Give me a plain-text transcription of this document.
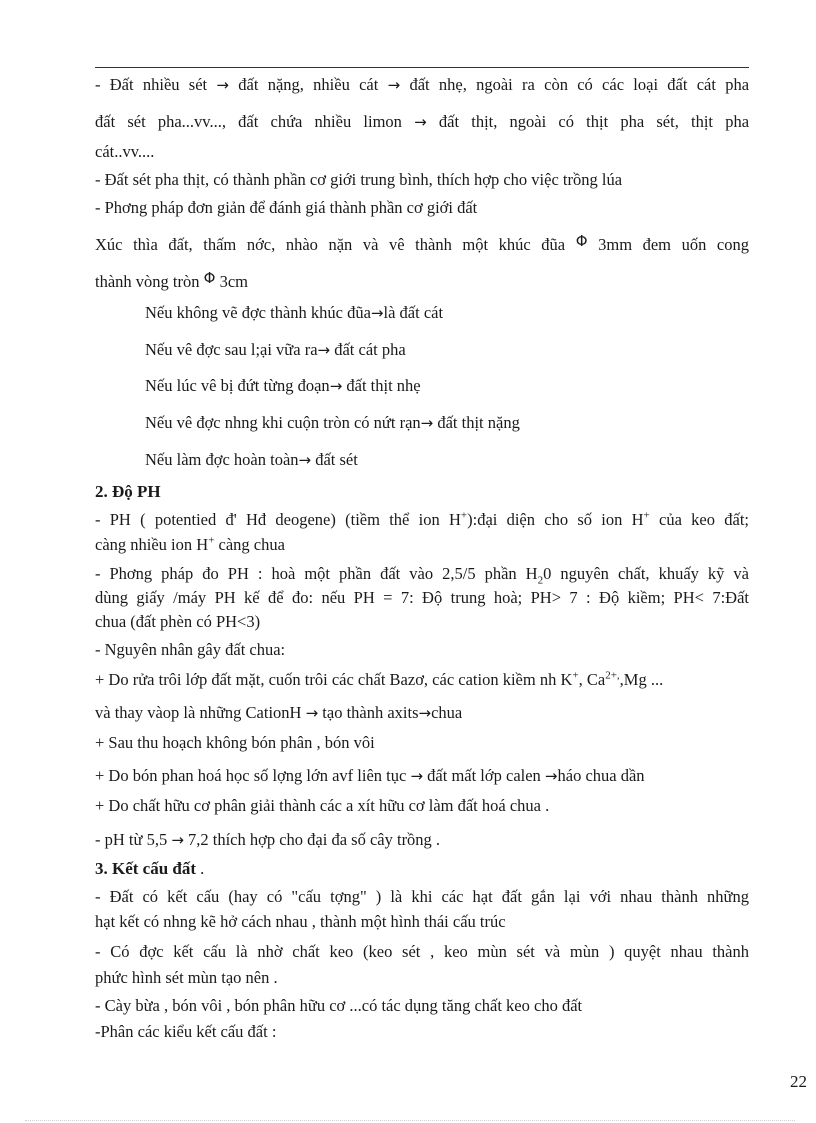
- Đất nhiều sét → đất nặng, nhiều cát → đất nhẹ, ngoài ra còn có các loại đất cát pha
đất sét pha...vv..., đất chứa nhiều limon → đất thịt, ngoài có thịt pha sét, thịt pha
cát..vv....
- Đất sét pha thịt, có thành phần cơ giới trung bình, thích hợp cho việc trồng lúa
- Phơng pháp đơn giản để đánh giá thành phần cơ giới đất
Xúc thìa đất, thấm nớc, nhào nặn và vê thành một khúc đũa Φ 3mm đem uốn cong
thành vòng tròn Φ 3cm
Nếu không vẽ đợc thành khúc đũa→là đất cát
Nếu vê đợc sau l;ại vữa ra→ đất cát pha
Nếu lúc vê bị đứt từng đoạn→ đất thịt nhẹ
Nếu vê đợc nhng khi cuộn tròn có nứt rạn→ đất thịt nặng
Nếu làm đợc hoàn toàn→ đất sét
2. Độ PH
- PH ( potentied đ' Hđ deogene) (tiềm thể ion H+):đại diện cho số ion H+ của keo đất;
càng nhiều ion H+ càng chua
- Phơng pháp đo PH : hoà một phần đất vào 2,5/5 phần $H_20$ nguyên chất, khuấy kỹ và
dùng giấy /máy PH kế để đo: nếu PH = 7: Độ trung hoà; PH> 7 : Độ kiềm; PH< 7:Đất
chua (đất phèn có PH<3)
- Nguyên nhân gây đất chua:
+ Do rửa trôi lớp đất mặt, cuốn trôi các chất Bazơ, các cation kiềm nh K+, $Ca^{2+,},Mg$ ...
và thay vàop là những CationH → tạo thành axits→chua
+ Sau thu hoạch không bón phân , bón vôi
+ Do bón phan hoá học số lợng lớn avf liên tục → đất mất lớp calen →háo chua dần
+ Do chất hữu cơ phân giải thành các a xít hữu cơ làm đất hoá chua .
- pH từ 5,5 → 7,2 thích hợp cho đại đa số cây trồng .
3. Kết cấu đất .
- Đất có kết cấu (hay có "cấu tợng" ) là khi các hạt đất gắn lại với nhau thành những
hạt kết có nhng kẽ hở cách nhau , thành một hình thái cấu trúc
- Có đợc kết cấu là nhờ chất keo (keo sét , keo mùn sét và mùn ) quyệt nhau thành
phức hình sét mùn tạo nên .
- Cày bừa , bón vôi , bón phân hữu cơ ...có tác dụng tăng chất keo cho đất
-Phân các kiểu kết cấu đất :
22
